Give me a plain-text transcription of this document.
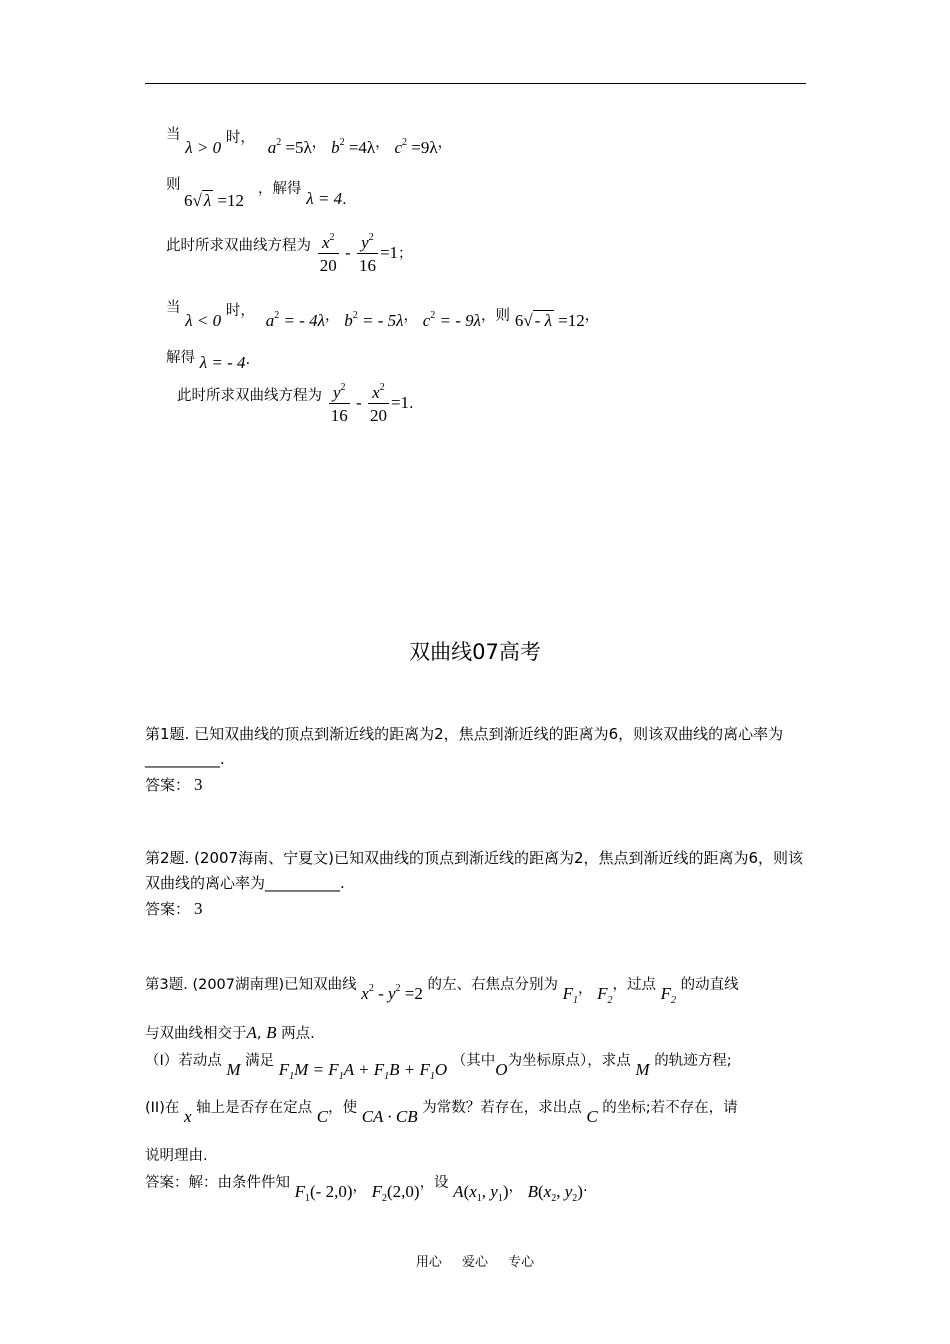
当 λ > 0 时， $a^2 =5\lambda$， $b^2 =4\lambda$， $c^2 =9\lambda$，
则
6√ λ =12
，解得 λ = 4.
此时所求双曲线方程为 $\frac{x^2}{20} - \frac{y^2}{16} =1$；
当 λ < 0 时， $a^2$ = - 4λ， $b^2$ = - 5λ， $c^2$ = - 9λ，则 6√ - λ =12，
解得 λ = - 4.
此时所求双曲线方程为 $\frac{y^2}{16} - \frac{x^2}{20} =1$.
双曲线07高考
第1题. 已知双曲线的顶点到渐近线的距离为2，焦点到渐近线的距离为6，则该双曲线的离心率为__________.
答案： 3
第2题. (2007海南、宁夏文)已知双曲线的顶点到渐近线的距离为2，焦点到渐近线的距离为6，则该双曲线的离心率为__________.
答案： 3
第3题. (2007湖南理)已知双曲线 $x^2 - y^2 =2$ 的左、右焦点分别为 $F_1$， $F_2$，过点 $F_2$ 的动直线
与双曲线相交于A, B 两点.
（I）若动点 M 满足 $F_1M = F_1A + F_1B + F_1O$ （其中O为坐标原点），求点 M 的轨迹方程;
(II)在 x 轴上是否存在定点 C，使 CA · CB 为常数？若存在，求出点 C 的坐标;若不存在，请
说明理由.
答案：解：由条件件知 $F_1(-$ 2,0)， $F_2(2,0)$，设 $A(x_1$, $y_1$)， $B(x_2$, $y_2$).
用心 爱心 专心
